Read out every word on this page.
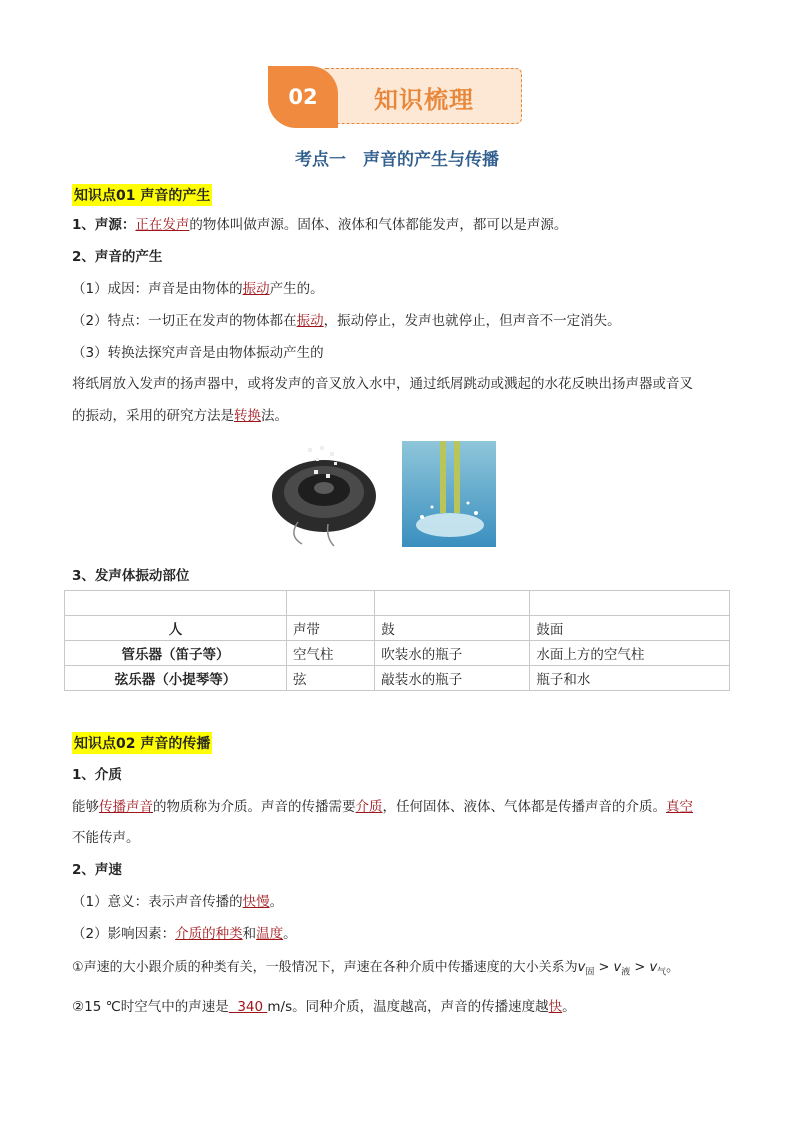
02	知识梳理
考点一　声音的产生与传播
知识点01 声音的产生
1、声源：正在发声的物体叫做声源。固体、液体和气体都能发声，都可以是声源。
2、声音的产生
（1）成因：声音是由物体的振动产生的。
（2）特点：一切正在发声的物体都在振动，振动停止，发声也就停止，但声音不一定消失。
（3）转换法探究声音是由物体振动产生的
将纸屑放入发声的扬声器中，或将发声的音叉放入水中，通过纸屑跳动或溅起的水花反映出扬声器或音叉
的振动，采用的研究方法是转换法。
3、发声体振动部位

人	声带	鼓	鼓面
管乐器（笛子等）	空气柱	吹装水的瓶子	水面上方的空气柱
弦乐器（小提琴等）	弦	敲装水的瓶子	瓶子和水
知识点02 声音的传播
1、介质
能够传播声音的物质称为介质。声音的传播需要介质，任何固体、液体、气体都是传播声音的介质。真空
不能传声。
2、声速
（1）意义：表示声音传播的快慢。
（2）影响因素：介质的种类和温度。
①声速的大小跟介质的种类有关，一般情况下，声速在各种介质中传播速度的大小关系为$v_固 > v_液 > v_气$。
②15 ℃时空气中的声速是  340 m/s。同种介质，温度越高，声音的传播速度越快。
